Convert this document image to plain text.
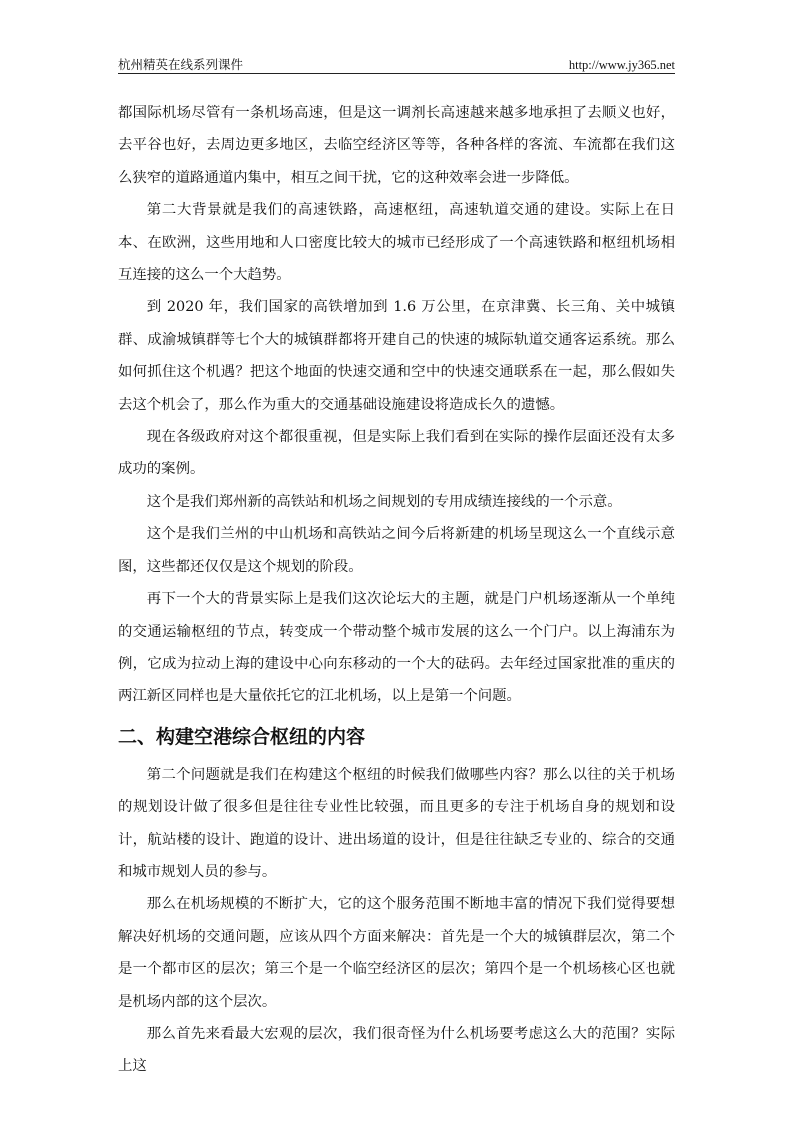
杭州精英在线系列课件	http://www.jy365.net

都国际机场尽管有一条机场高速，但是这一调剂长高速越来越多地承担了去顺义也好，去平谷也好，去周边更多地区，去临空经济区等等，各种各样的客流、车流都在我们这么狭窄的道路通道内集中，相互之间干扰，它的这种效率会进一步降低。

第二大背景就是我们的高速铁路，高速枢纽，高速轨道交通的建设。实际上在日本、在欧洲，这些用地和人口密度比较大的城市已经形成了一个高速铁路和枢纽机场相互连接的这么一个大趋势。

到 2020 年，我们国家的高铁增加到 1.6 万公里，在京津冀、长三角、关中城镇群、成渝城镇群等七个大的城镇群都将开建自己的快速的城际轨道交通客运系统。那么如何抓住这个机遇？把这个地面的快速交通和空中的快速交通联系在一起，那么假如失去这个机会了，那么作为重大的交通基础设施建设将造成长久的遗憾。

现在各级政府对这个都很重视，但是实际上我们看到在实际的操作层面还没有太多成功的案例。

这个是我们郑州新的高铁站和机场之间规划的专用成绩连接线的一个示意。

这个是我们兰州的中山机场和高铁站之间今后将新建的机场呈现这么一个直线示意图，这些都还仅仅是这个规划的阶段。

再下一个大的背景实际上是我们这次论坛大的主题，就是门户机场逐渐从一个单纯的交通运输枢纽的节点，转变成一个带动整个城市发展的这么一个门户。以上海浦东为例，它成为拉动上海的建设中心向东移动的一个大的砝码。去年经过国家批准的重庆的两江新区同样也是大量依托它的江北机场，以上是第一个问题。

二、构建空港综合枢纽的内容

第二个问题就是我们在构建这个枢纽的时候我们做哪些内容？那么以往的关于机场的规划设计做了很多但是往往专业性比较强，而且更多的专注于机场自身的规划和设计，航站楼的设计、跑道的设计、进出场道的设计，但是往往缺乏专业的、综合的交通和城市规划人员的参与。

那么在机场规模的不断扩大，它的这个服务范围不断地丰富的情况下我们觉得要想解决好机场的交通问题，应该从四个方面来解决：首先是一个大的城镇群层次，第二个是一个都市区的层次；第三个是一个临空经济区的层次；第四个是一个机场核心区也就是机场内部的这个层次。

那么首先来看最大宏观的层次，我们很奇怪为什么机场要考虑这么大的范围？实际上这
